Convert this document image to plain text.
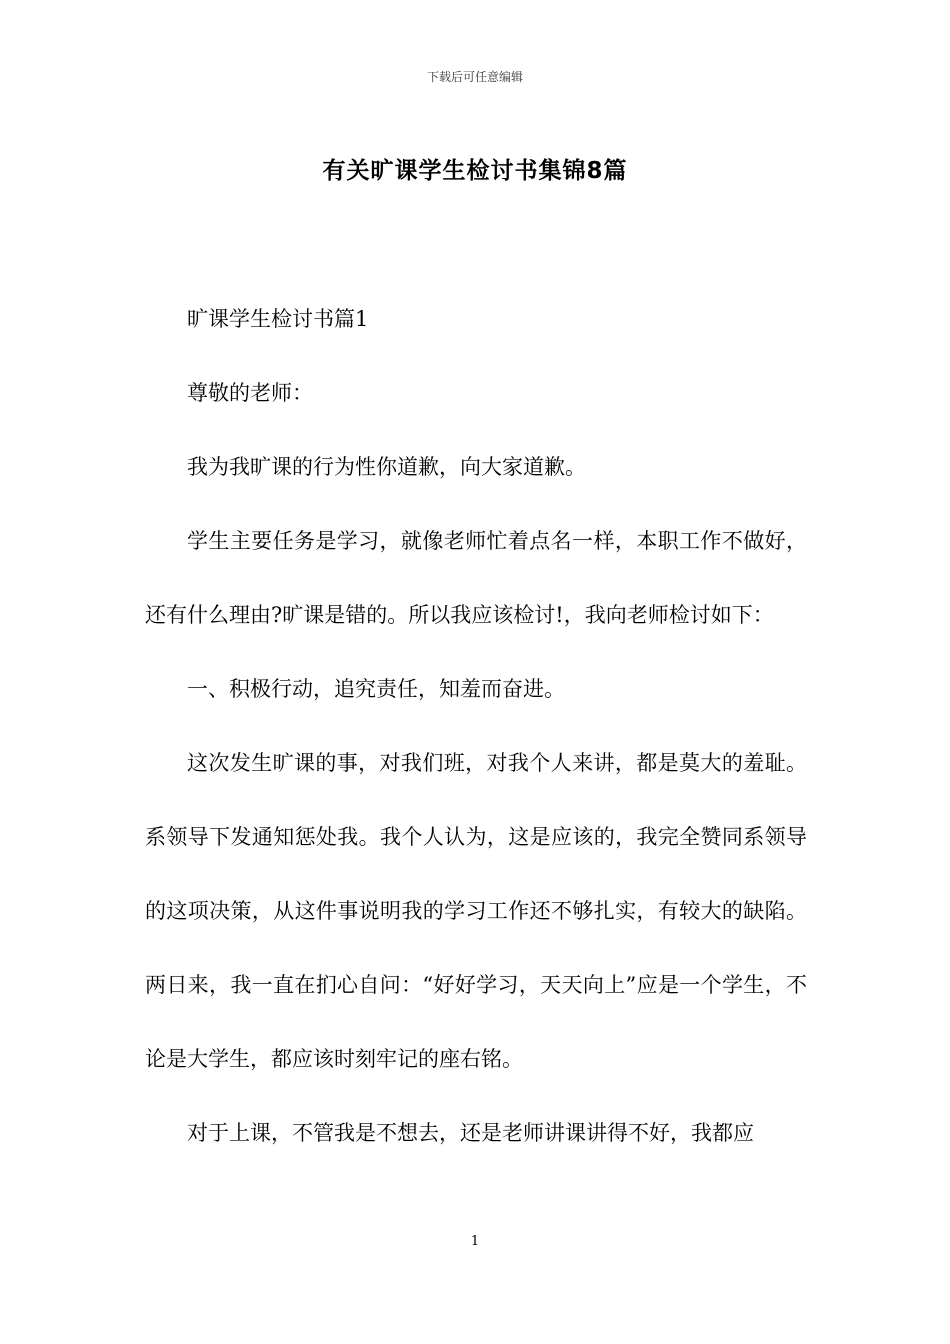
下载后可任意编辑
有关旷课学生检讨书集锦8篇

旷课学生检讨书篇1

尊敬的老师：

我为我旷课的行为性你道歉，向大家道歉。

学生主要任务是学习，就像老师忙着点名一样，本职工作不做好，还有什么理由?旷课是错的。所以我应该检讨!，我向老师检讨如下：

一、积极行动，追究责任，知羞而奋进。

这次发生旷课的事，对我们班，对我个人来讲，都是莫大的羞耻。系领导下发通知惩处我。我个人认为，这是应该的，我完全赞同系领导的这项决策，从这件事说明我的学习工作还不够扎实，有较大的缺陷。两日来，我一直在扪心自问：“好好学习，天天向上”应是一个学生，不论是大学生，都应该时刻牢记的座右铭。

对于上课，不管我是不想去，还是老师讲课讲得不好，我都应

1
